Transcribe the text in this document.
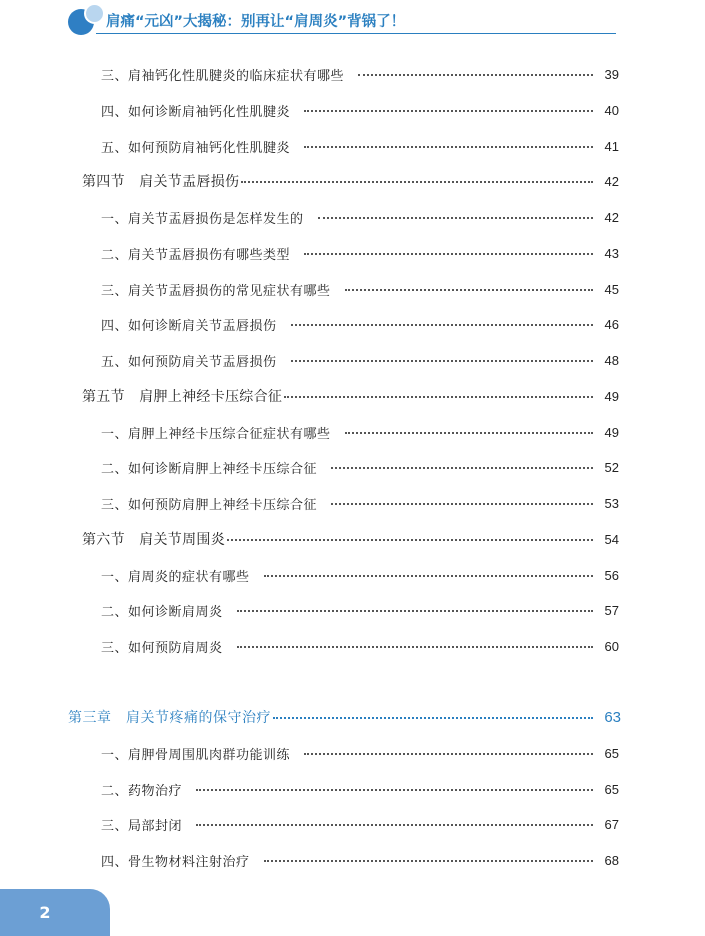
肩痛“元凶”大揭秘：别再让“肩周炎”背锅了！
三、肩袖钙化性肌腱炎的临床症状有哪些	39
四、如何诊断肩袖钙化性肌腱炎	40
五、如何预防肩袖钙化性肌腱炎	41
第四节　肩关节盂唇损伤	42
一、肩关节盂唇损伤是怎样发生的	42
二、肩关节盂唇损伤有哪些类型	43
三、肩关节盂唇损伤的常见症状有哪些	45
四、如何诊断肩关节盂唇损伤	46
五、如何预防肩关节盂唇损伤	48
第五节　肩胛上神经卡压综合征	49
一、肩胛上神经卡压综合征症状有哪些	49
二、如何诊断肩胛上神经卡压综合征	52
三、如何预防肩胛上神经卡压综合征	53
第六节　肩关节周围炎	54
一、肩周炎的症状有哪些	56
二、如何诊断肩周炎	57
三、如何预防肩周炎	60
第三章　肩关节疼痛的保守治疗	63
一、肩胛骨周围肌肉群功能训练	65
二、药物治疗	65
三、局部封闭	67
四、骨生物材料注射治疗	68
2
